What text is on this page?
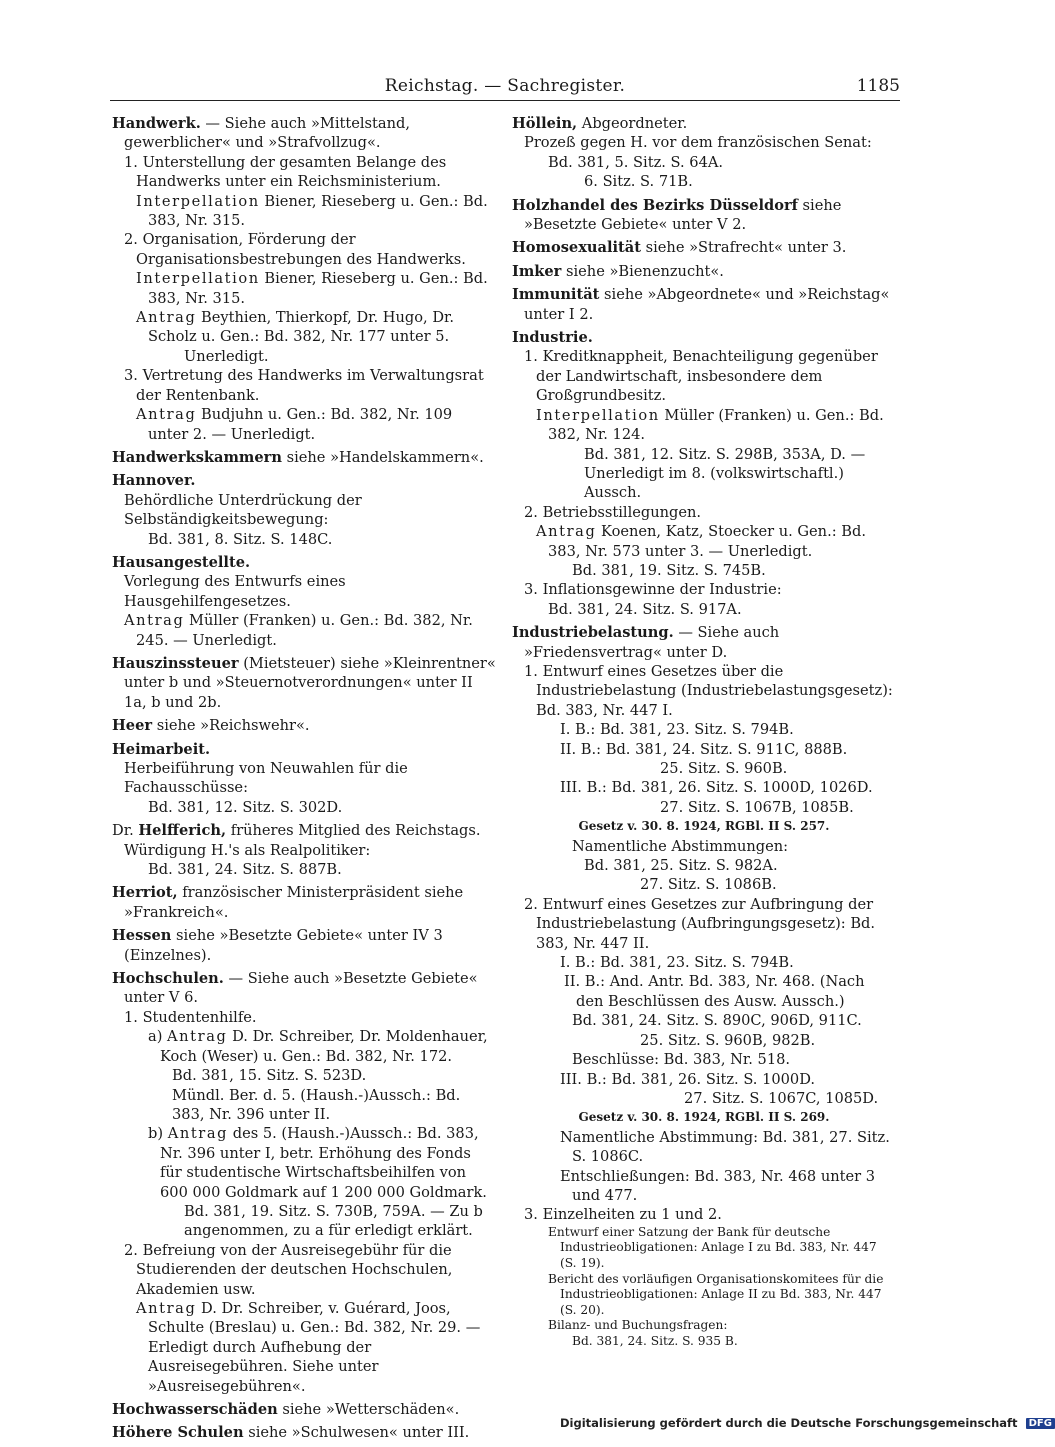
Reichstag. — Sachregister.	1185

Handwerk. — Siehe auch »Mittelstand, gewerblicher« und »Strafvollzug«.

1. Unterstellung der gesamten Belange des Handwerks unter ein Reichsministerium.

Interpellation Biener, Rieseberg u. Gen.: Bd. 383, Nr. 315.

2. Organisation, Förderung der Organisationsbestrebungen des Handwerks.

Interpellation Biener, Rieseberg u. Gen.: Bd. 383, Nr. 315.

Antrag Beythien, Thierkopf, Dr. Hugo, Dr. Scholz u. Gen.: Bd. 382, Nr. 177 unter 5.

Unerledigt.

3. Vertretung des Handwerks im Verwaltungsrat der Rentenbank.

Antrag Budjuhn u. Gen.: Bd. 382, Nr. 109 unter 2. — Unerledigt.

Handwerkskammern siehe »Handelskammern«.

Hannover.

Behördliche Unterdrückung der Selbständigkeitsbewegung:

Bd. 381, 8. Sitz. S. 148C.

Hausangestellte.

Vorlegung des Entwurfs eines Hausgehilfengesetzes.

Antrag Müller (Franken) u. Gen.: Bd. 382, Nr. 245. — Unerledigt.

Hauszinssteuer (Mietsteuer) siehe »Kleinrentner« unter b und »Steuernotverordnungen« unter II 1a, b und 2b.

Heer siehe »Reichswehr«.

Heimarbeit.

Herbeiführung von Neuwahlen für die Fachausschüsse:

Bd. 381, 12. Sitz. S. 302D.

Dr. Helfferich, früheres Mitglied des Reichstags.

Würdigung H.'s als Realpolitiker:

Bd. 381, 24. Sitz. S. 887B.

Herriot, französischer Ministerpräsident siehe »Frankreich«.

Hessen siehe »Besetzte Gebiete« unter IV 3 (Einzelnes).

Hochschulen. — Siehe auch »Besetzte Gebiete« unter V 6.

1. Studentenhilfe.

a) Antrag D. Dr. Schreiber, Dr. Moldenhauer, Koch (Weser) u. Gen.: Bd. 382, Nr. 172.

Bd. 381, 15. Sitz. S. 523D.

Mündl. Ber. d. 5. (Haush.-)Aussch.: Bd. 383, Nr. 396 unter II.

b) Antrag des 5. (Haush.-)Aussch.: Bd. 383, Nr. 396 unter I, betr. Erhöhung des Fonds für studentische Wirtschaftsbeihilfen von 600 000 Goldmark auf 1 200 000 Goldmark.

Bd. 381, 19. Sitz. S. 730B, 759A. — Zu b angenommen, zu a für erledigt erklärt.

2. Befreiung von der Ausreisegebühr für die Studierenden der deutschen Hochschulen, Akademien usw.

Antrag D. Dr. Schreiber, v. Guérard, Joos, Schulte (Breslau) u. Gen.: Bd. 382, Nr. 29. — Erledigt durch Aufhebung der Ausreisegebühren. Siehe unter »Ausreisegebühren«.

Hochwasserschäden siehe »Wetterschäden«.

Höhere Schulen siehe »Schulwesen« unter III.

Höllein, Abgeordneter.

Prozeß gegen H. vor dem französischen Senat:

Bd. 381, 5. Sitz. S. 64A.

6. Sitz. S. 71B.

Holzhandel des Bezirks Düsseldorf siehe »Besetzte Gebiete« unter V 2.

Homosexualität siehe »Strafrecht« unter 3.

Imker siehe »Bienenzucht«.

Immunität siehe »Abgeordnete« und »Reichstag« unter I 2.

Industrie.

1. Kreditknappheit, Benachteiligung gegenüber der Landwirtschaft, insbesondere dem Großgrundbesitz.

Interpellation Müller (Franken) u. Gen.: Bd. 382, Nr. 124.

Bd. 381, 12. Sitz. S. 298B, 353A, D. — Unerledigt im 8. (volkswirtschaftl.) Aussch.

2. Betriebsstillegungen.

Antrag Koenen, Katz, Stoecker u. Gen.: Bd. 383, Nr. 573 unter 3. — Unerledigt.

Bd. 381, 19. Sitz. S. 745B.

3. Inflationsgewinne der Industrie:

Bd. 381, 24. Sitz. S. 917A.

Industriebelastung. — Siehe auch »Friedensvertrag« unter D.

1. Entwurf eines Gesetzes über die Industriebelastung (Industriebelastungsgesetz): Bd. 383, Nr. 447 I.

I. B.: Bd. 381, 23. Sitz. S. 794B.

II. B.: Bd. 381, 24. Sitz. S. 911C, 888B.

25. Sitz. S. 960B.

III. B.: Bd. 381, 26. Sitz. S. 1000D, 1026D.

27. Sitz. S. 1067B, 1085B.

Gesetz v. 30. 8. 1924, RGBl. II S. 257.

Namentliche Abstimmungen:

Bd. 381, 25. Sitz. S. 982A.

27. Sitz. S. 1086B.

2. Entwurf eines Gesetzes zur Aufbringung der Industriebelastung (Aufbringungsgesetz): Bd. 383, Nr. 447 II.

I. B.: Bd. 381, 23. Sitz. S. 794B.

II. B.: And. Antr. Bd. 383, Nr. 468. (Nach den Beschlüssen des Ausw. Aussch.)

Bd. 381, 24. Sitz. S. 890C, 906D, 911C.

25. Sitz. S. 960B, 982B.

Beschlüsse: Bd. 383, Nr. 518.

III. B.: Bd. 381, 26. Sitz. S. 1000D.

27. Sitz. S. 1067C, 1085D.

Gesetz v. 30. 8. 1924, RGBl. II S. 269.

Namentliche Abstimmung: Bd. 381, 27. Sitz. S. 1086C.

Entschließungen: Bd. 383, Nr. 468 unter 3 und 477.

3. Einzelheiten zu 1 und 2.

Entwurf einer Satzung der Bank für deutsche Industrieobligationen: Anlage I zu Bd. 383, Nr. 447 (S. 19).

Bericht des vorläufigen Organisationskomitees für die Industrieobligationen: Anlage II zu Bd. 383, Nr. 447 (S. 20).

Bilanz- und Buchungsfragen:

Bd. 381, 24. Sitz. S. 935 B.

Digitalisierung gefördert durch die Deutsche Forschungsgemeinschaft DFG
